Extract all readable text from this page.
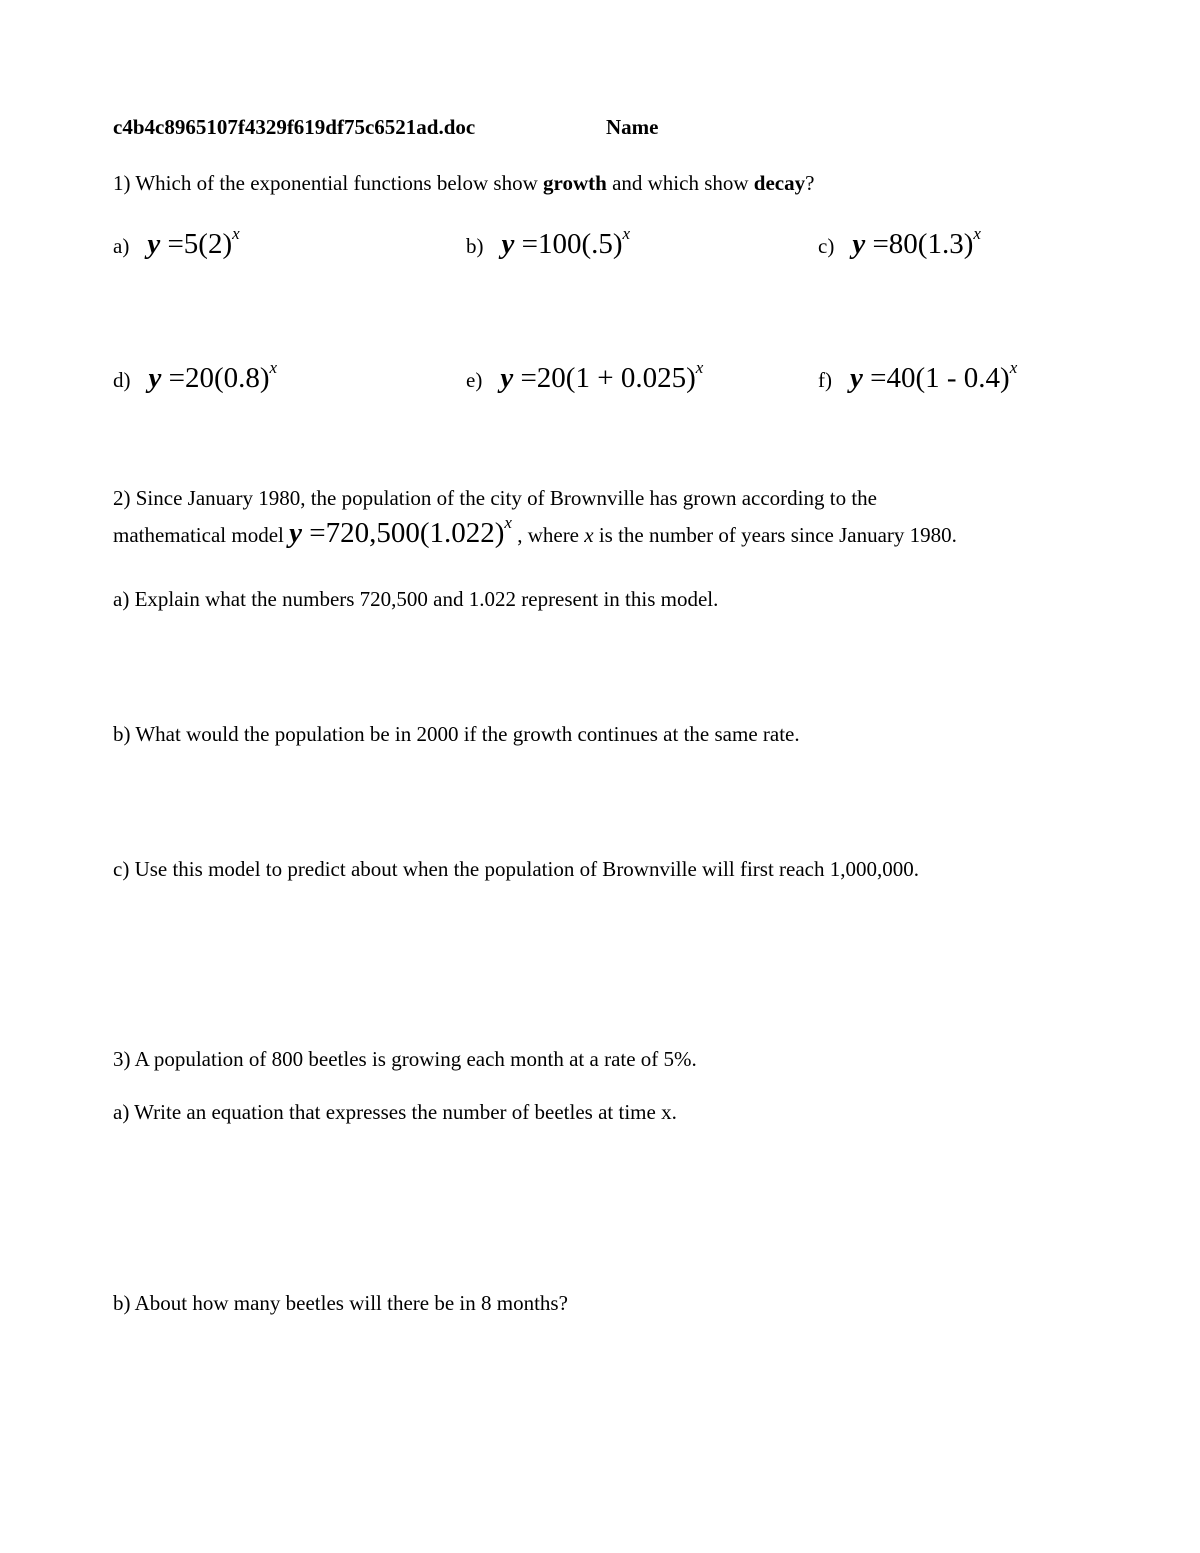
c4b4c8965107f4329f619df75c6521ad.doc	Name
1) Which of the exponential functions below show growth and which show decay?
a) $y =5(2)^x$
b) $y =100(.5)^x$
c) $y =80(1.3)^x$
d) $y =20(0.8)^x$
e) $y =20(1 + 0.025)^x$
f) y =40(1 - 0.4)$^x$
2) Since January 1980, the population of the city of Brownville has grown according to the
mathematical model $y =720,500(1.022)^x$ , where x is the number of years since January 1980.
a) Explain what the numbers 720,500 and 1.022 represent in this model.
b) What would the population be in 2000 if the growth continues at the same rate.
c) Use this model to predict about when the population of Brownville will first reach 1,000,000.
3) A population of 800 beetles is growing each month at a rate of 5%.
a) Write an equation that expresses the number of beetles at time x.
b) About how many beetles will there be in 8 months?
